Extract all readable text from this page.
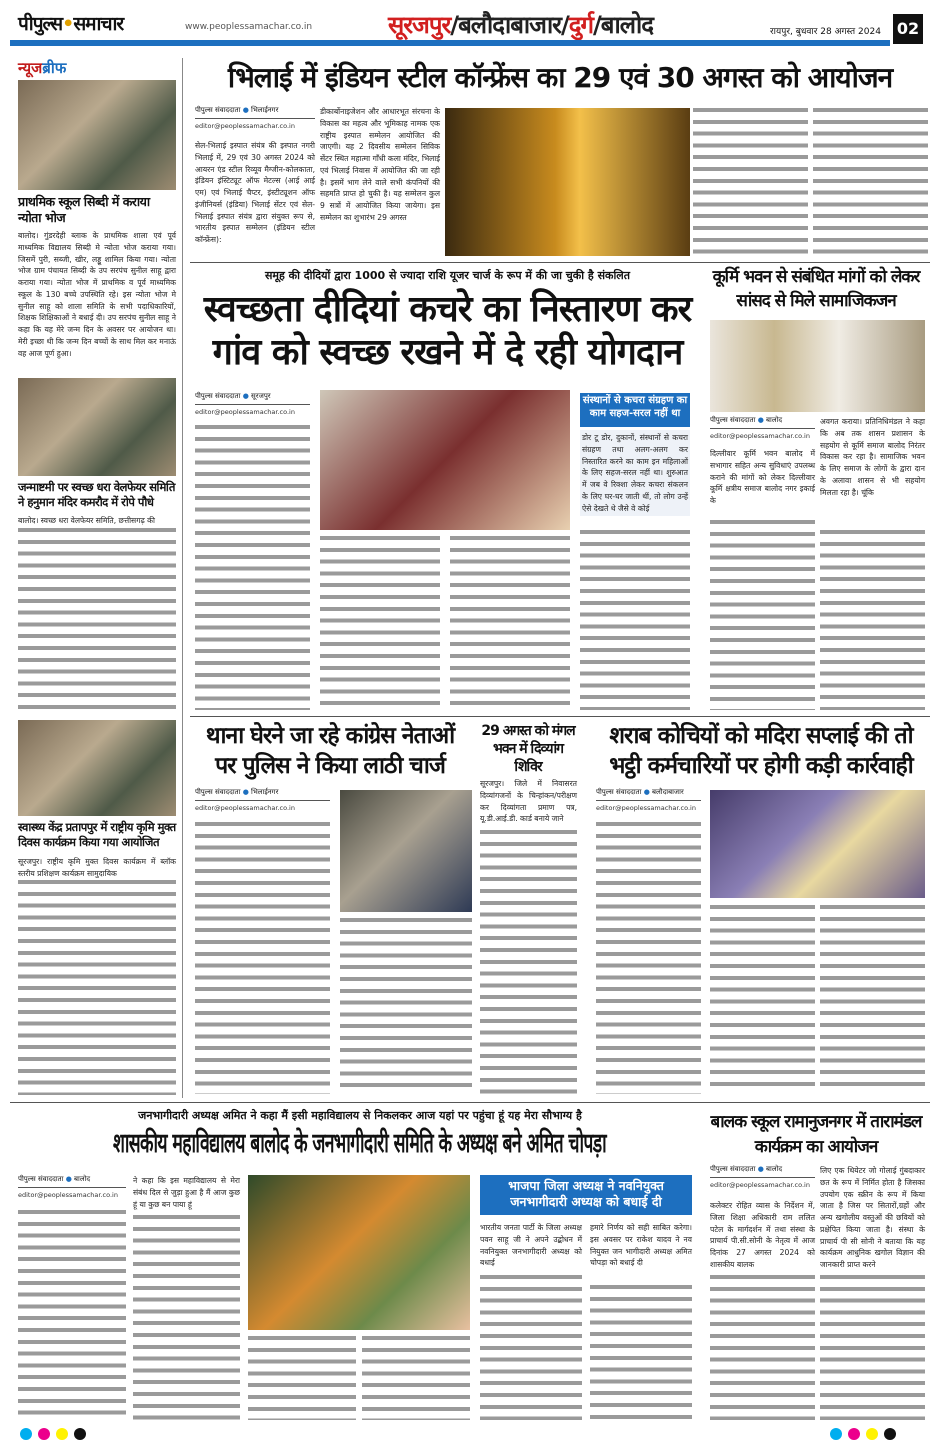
पीपुल्स•समाचार	www.peoplessamachar.co.in	सूरजपुर/बलौदाबाजार/दुर्ग/बालोद	रायपुर, बुधवार 28 अगस्त 2024 02
न्यूजब्रीफ
प्राथमिक स्कूल सिब्दी में कराया न्योता भोज
बालोद। गुंडरदेही ब्लाक के प्राथमिक शाला एवं पूर्व माध्यमिक विद्यालय सिब्दी मे न्योता भोज कराया गया। जिसमें पुरी, सब्जी, खीर, लड्डू शामिल किया गया। न्योता भोज ग्राम पंचायत सिब्दी के उप सरपंच सुनील साहू द्वारा कराया गया। न्योता भोज में प्राथमिक व पूर्व माध्यमिक स्कूल के 130 बच्चे उपस्थिति रहे। इस न्योता भोज मे सुनील साहू को शाला समिति के सभी पदाधिकारियों, शिक्षक शिक्षिकाओं ने बधाई दी। उप सरपंच सुनील साहू ने कहा कि यह मेरे जन्म दिन के अवसर पर आयोजन था। मेरी इच्छा थी कि जन्म दिन बच्चों के साथ मिल कर मनाऊं वह आज पूर्ण हुआ।
जन्माष्टमी पर स्वच्छ धरा वेलफेयर समिति ने हनुमान मंदिर कमरौद में रोपे पौधे
बालोद। स्वच्छ धरा वेलफेयर समिति, छत्तीसगढ़ की
स्वास्थ्य केंद्र प्रतापपुर में राष्ट्रीय कृमि मुक्त दिवस कार्यक्रम किया गया आयोजित
सूरजपुर। राष्ट्रीय कृमि मुक्त दिवस कार्यक्रम में ब्लॉक स्तरीय प्रशिक्षण कार्यक्रम सामुदायिक
भिलाई में इंडियन स्टील कॉन्फ्रेंस का 29 एवं 30 अगस्त को आयोजन
पीपुल्स संवाददाता ● भिलाईनगर
editor@peoplessamachar.co.in
सेल-भिलाई इस्पात संयंत्र की इस्पात नगरी भिलाई में, 29 एवं 30 अगस्त 2024 को आयरन एंड स्टील रिव्यूव मैग्जीन-कोलकाता, इंडियन इंस्टिट्यूट ऑफ मेटल्स (आई आई एम) एवं भिलाई चैप्टर, इंस्टीट्यूशन ऑफ इंजीनियर्स (इंडिया) भिलाई सेंटर एवं सेल-भिलाई इस्पात संयंत्र द्वारा संयुक्त रूप से, भारतीय इस्पात सम्मेलन (इंडियन स्टील कॉन्फ्रेंस):
डीकार्बोनाइजेशन और आधारभूत संरचना के विकास का महत्व और भूमिकाह नामक एक राष्ट्रीय इस्पात सम्मेलन आयोजित की जाएगी। यह 2 दिवसीय सम्मेलन सिविक सेंटर स्थित महात्मा गाँधी कला मंदिर, भिलाई एवं भिलाई निवास में आयोजित की जा रही है। इसमें भाग लेने वाले सभी कंपनियों की सहमति प्राप्त हो चुकी है। यह सम्मेलन कुल 9 सत्रों में आयोजित किया जायेगा। इस सम्मेलन का शुभारंभ 29 अगस्त
समूह की दीदियों द्वारा 1000 से ज्यादा राशि यूजर चार्ज के रूप में की जा चुकी है संकलित
स्वच्छता दीदियां कचरे का निस्तारण कर गांव को स्वच्छ रखने में दे रही योगदान
पीपुल्स संवाददाता ● सूरजपुर
editor@peoplessamachar.co.in
संस्थानों से कचरा संग्रहण का काम सहज-सरल नहीं था
डोर टू डोर, दुकानों, संस्थानों से कचरा संग्रहण तथा अलग-अलग कर निस्तारित करने का काम इन महिलाओं के लिए सहज-सरल नहीं था। शुरुआत में जब वे रिक्शा लेकर कचरा संकलन के लिए घर-घर जाती थीं, तो लोग उन्हें ऐसे देखते थे जैसे वे कोई
कूर्मि भवन से संबंधित मांगों को लेकर सांसद से मिले सामाजिकजन
पीपुल्स संवाददाता ● बालोद
editor@peoplessamachar.co.in
दिल्लीवार कूर्मि भवन बालोद में सभागार सहित अन्य सुविधाएं उपलब्ध कराने की मांगों को लेकर दिल्लीवार कूर्मि क्षत्रीय समाज बालोद नगर इकाई के
अवगत कराया। प्रतिनिधिमंडल ने कहा कि अब तक शासन प्रशासन के सहयोग से कूर्मि समाज बालोद निरंतर विकास कर रहा है। सामाजिक भवन के लिए समाज के लोगों के द्वारा दान के अलावा शासन से भी सहयोग मिलता रहा है। चूंकि
थाना घेरने जा रहे कांग्रेस नेताओं पर पुलिस ने किया लाठी चार्ज
पीपुल्स संवाददाता ● भिलाईनगर
editor@peoplessamachar.co.in
29 अगस्त को मंगल भवन में दिव्यांग शिविर
सूरजपुर। जिले में निवासरत दिव्यांगजनों के चिन्हांकन/परीक्षण कर दिव्यांगता प्रमाण पत्र, यू.डी.आई.डी. कार्ड बनाये जाने
शराब कोचियों को मदिरा सप्लाई की तो भट्ठी कर्मचारियों पर होगी कड़ी कार्रवाही
पीपुल्स संवाददाता ● बलौदाबाजार
editor@peoplessamachar.co.in
जनभागीदारी अध्यक्ष अमित ने कहा मैं इसी महाविद्यालय से निकलकर आज यहां पर पहुंचा हूं यह मेरा सौभाग्य है
शासकीय महाविद्यालय बालोद के जनभागीदारी समिति के अध्यक्ष बने अमित चोपड़ा
पीपुल्स संवाददाता ● बालोद
editor@peoplessamachar.co.in
ने कहा कि इस महाविद्यालय से मेरा संबंध दिल से जुड़ा हुआ है मैं आज कुछ हूं या कुछ बन पाया हूं
भाजपा जिला अध्यक्ष ने नवनियुक्त जनभागीदारी अध्यक्ष को बधाई दी
भारतीय जनता पार्टी के जिला अध्यक्ष पवन साहू जी ने अपने उद्बोधन में नवनियुक्त जनभागीदारी अध्यक्ष को बधाई
हमारे निर्णय को सही साबित करेगा। इस अवसर पर राकेश यादव ने नव नियुक्त जन भागीदारी अध्यक्ष अमित चोपड़ा को बधाई दी
बालक स्कूल रामानुजनगर में तारामंडल कार्यक्रम का आयोजन
पीपुल्स संवाददाता ● बालोद
editor@peoplessamachar.co.in
कलेक्टर रोहित व्यास के निर्देशन में, जिला शिक्षा अधिकारी राम ललित पटेल के मार्गदर्शन में तथा संस्था के प्राचार्य पी.सी.सोनी के नेतृत्व में आज दिनांक 27 अगस्त 2024 को शासकीय बालक
लिए एक थियेटर जो गोलाई गुंबदाकार छत के रूप में निर्मित होता है जिसका उपयोग एक स्क्रीन के रूप में किया जाता है जिस पर सितारों,ग्रहों और अन्य खगोलीय वस्तुओं की छवियों को प्रक्षेपित किया जाता है। संस्था के प्राचार्य पी सी सोनी ने बताया कि यह कार्यक्रम आधुनिक खगोल विज्ञान की जानकारी प्राप्त करने
